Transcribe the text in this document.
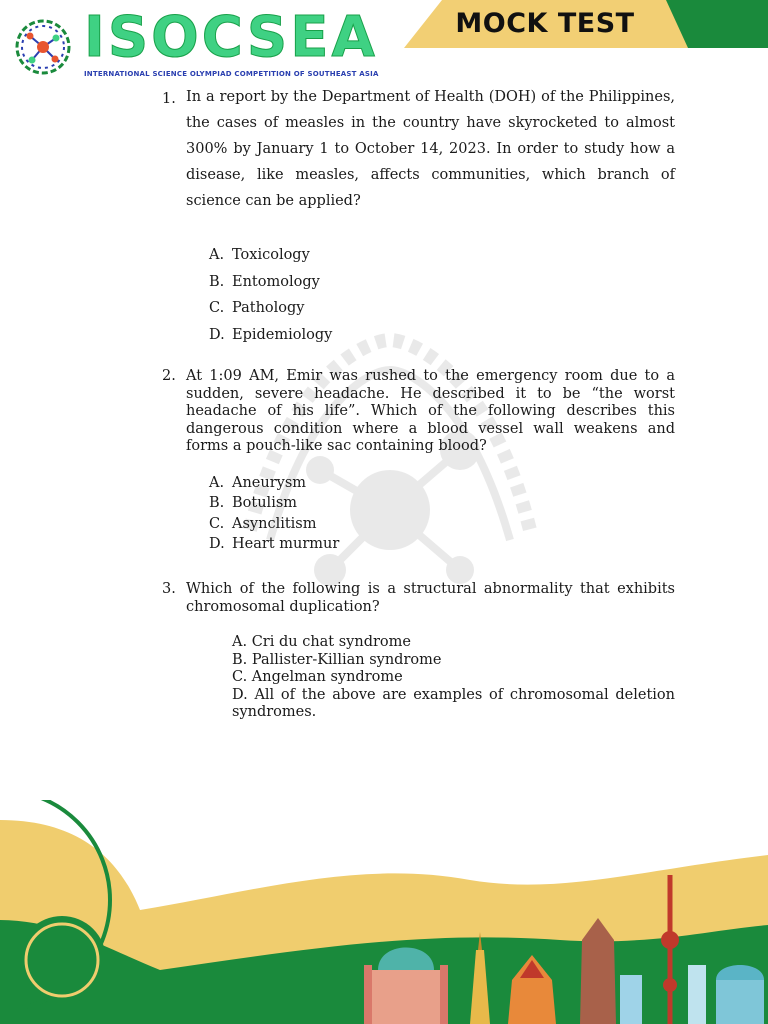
ISOCSEA
INTERNATIONAL SCIENCE OLYMPIAD COMPETITION OF SOUTHEAST ASIA
MOCK TEST
1. In a report by the Department of Health (DOH) of the Philippines, the cases of measles in the country have skyrocketed to almost 300% by January 1 to October 14, 2023. In order to study how a disease, like measles, affects communities, which branch of science can be applied?
A. Toxicology
B. Entomology
C. Pathology
D. Epidemiology
2. At 1:09 AM, Emir was rushed to the emergency room due to a sudden, severe headache. He described it to be “the worst headache of his life”. Which of the following describes this dangerous condition where a blood vessel wall weakens and forms a pouch-like sac containing blood?
A. Aneurysm
B. Botulism
C. Asynclitism
D. Heart murmur
3. Which of the following is a structural abnormality that exhibits chromosomal duplication?
A. Cri du chat syndrome
B. Pallister-Killian syndrome
C. Angelman syndrome
D. All of the above are examples of chromosomal deletion syndromes.
